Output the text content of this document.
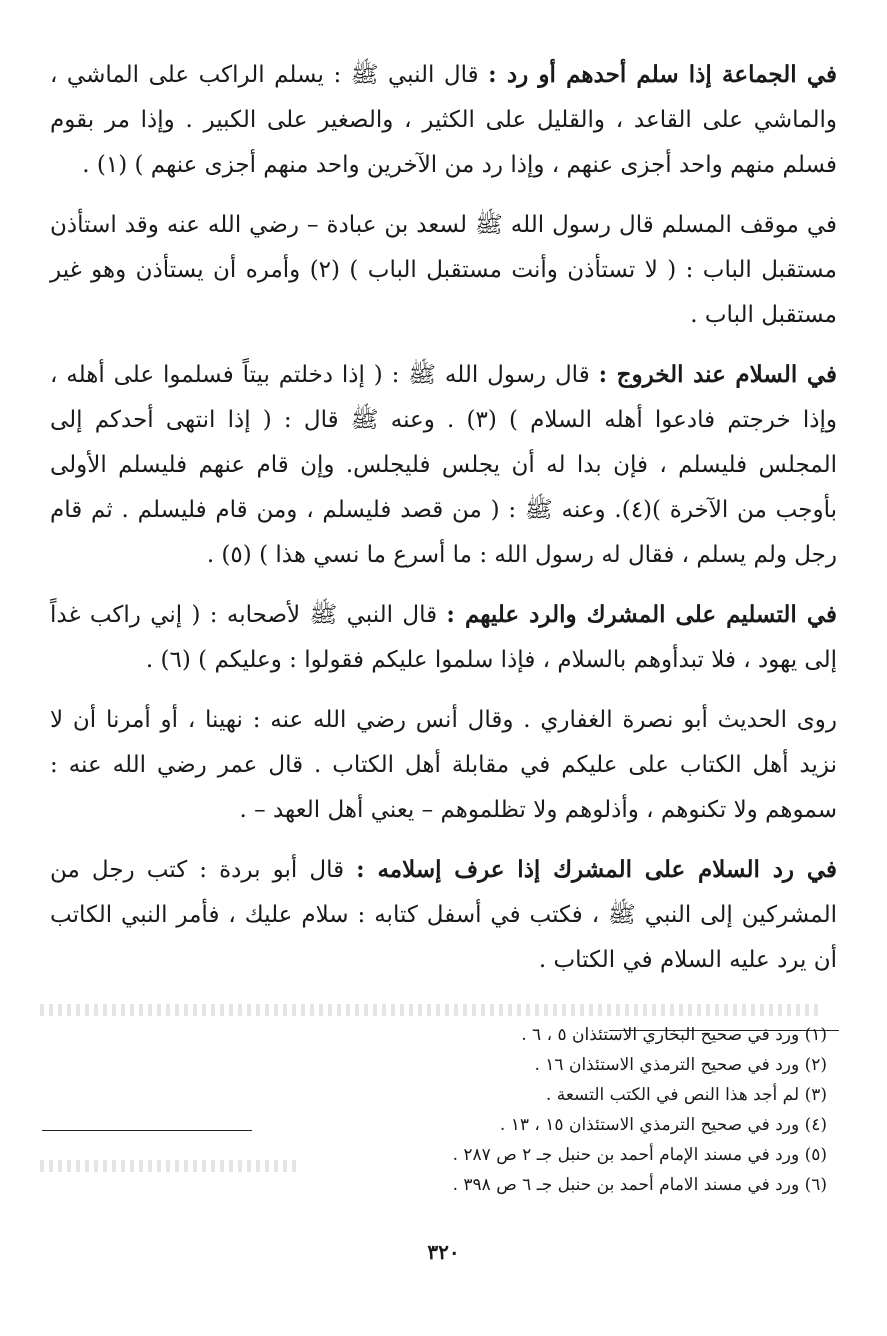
في الجماعة إذا سلم أحدهم أو رد : قال النبي ﷺ : يسلم الراكب على الماشي ، والماشي على القاعد ، والقليل على الكثير ، والصغير على الكبير . وإذا مر بقوم فسلم منهم واحد أجزى عنهم ، وإذا رد من الآخرين واحد منهم أجزى عنهم ) (١) .

في موقف المسلم قال رسول الله ﷺ لسعد بن عبادة – رضي الله عنه وقد استأذن مستقبل الباب : ( لا تستأذن وأنت مستقبل الباب ) (٢) وأمره أن يستأذن وهو غير مستقبل الباب .

في السلام عند الخروج : قال رسول الله ﷺ : ( إذا دخلتم بيتاً فسلموا على أهله ، وإذا خرجتم فادعوا أهله السلام ) (٣) . وعنه ﷺ قال : ( إذا انتهى أحدكم إلى المجلس فليسلم ، فإن بدا له أن يجلس فليجلس. وإن قام عنهم فليسلم الأولى بأوجب من الآخرة )(٤). وعنه ﷺ : ( من قصد فليسلم ، ومن قام فليسلم . ثم قام رجل ولم يسلم ، فقال له رسول الله : ما أسرع ما نسي هذا ) (٥) .

في التسليم على المشرك والرد عليهم : قال النبي ﷺ لأصحابه : ( إني راكب غداً إلى يهود ، فلا تبدأوهم بالسلام ، فإذا سلموا عليكم فقولوا : وعليكم ) (٦) .

روى الحديث أبو نصرة الغفاري . وقال أنس رضي الله عنه : نهينا ، أو أمرنا أن لا نزيد أهل الكتاب على عليكم في مقابلة أهل الكتاب . قال عمر رضي الله عنه : سموهم ولا تكنوهم ، وأذلوهم ولا تظلموهم – يعني أهل العهد – .

في رد السلام على المشرك إذا عرف إسلامه : قال أبو بردة : كتب رجل من المشركين إلى النبي ﷺ ، فكتب في أسفل كتابه : سلام عليك ، فأمر النبي الكاتب أن يرد عليه السلام في الكتاب .

(١) ورد في صحيح البخاري الاستئذان ٥ ، ٦ .
(٢) ورد في صحيح الترمذي الاستئذان ١٦ .
(٣) لم أجد هذا النص في الكتب التسعة .
(٤) ورد في صحيح الترمذي الاستئذان ١٥ ، ١٣ .
(٥) ورد في مسند الإمام أحمد بن حنبل جـ ٢ ص ٢٨٧ .
(٦) ورد في مسند الامام أحمد بن حنبل جـ ٦ ص ٣٩٨ .
٣٢٠
